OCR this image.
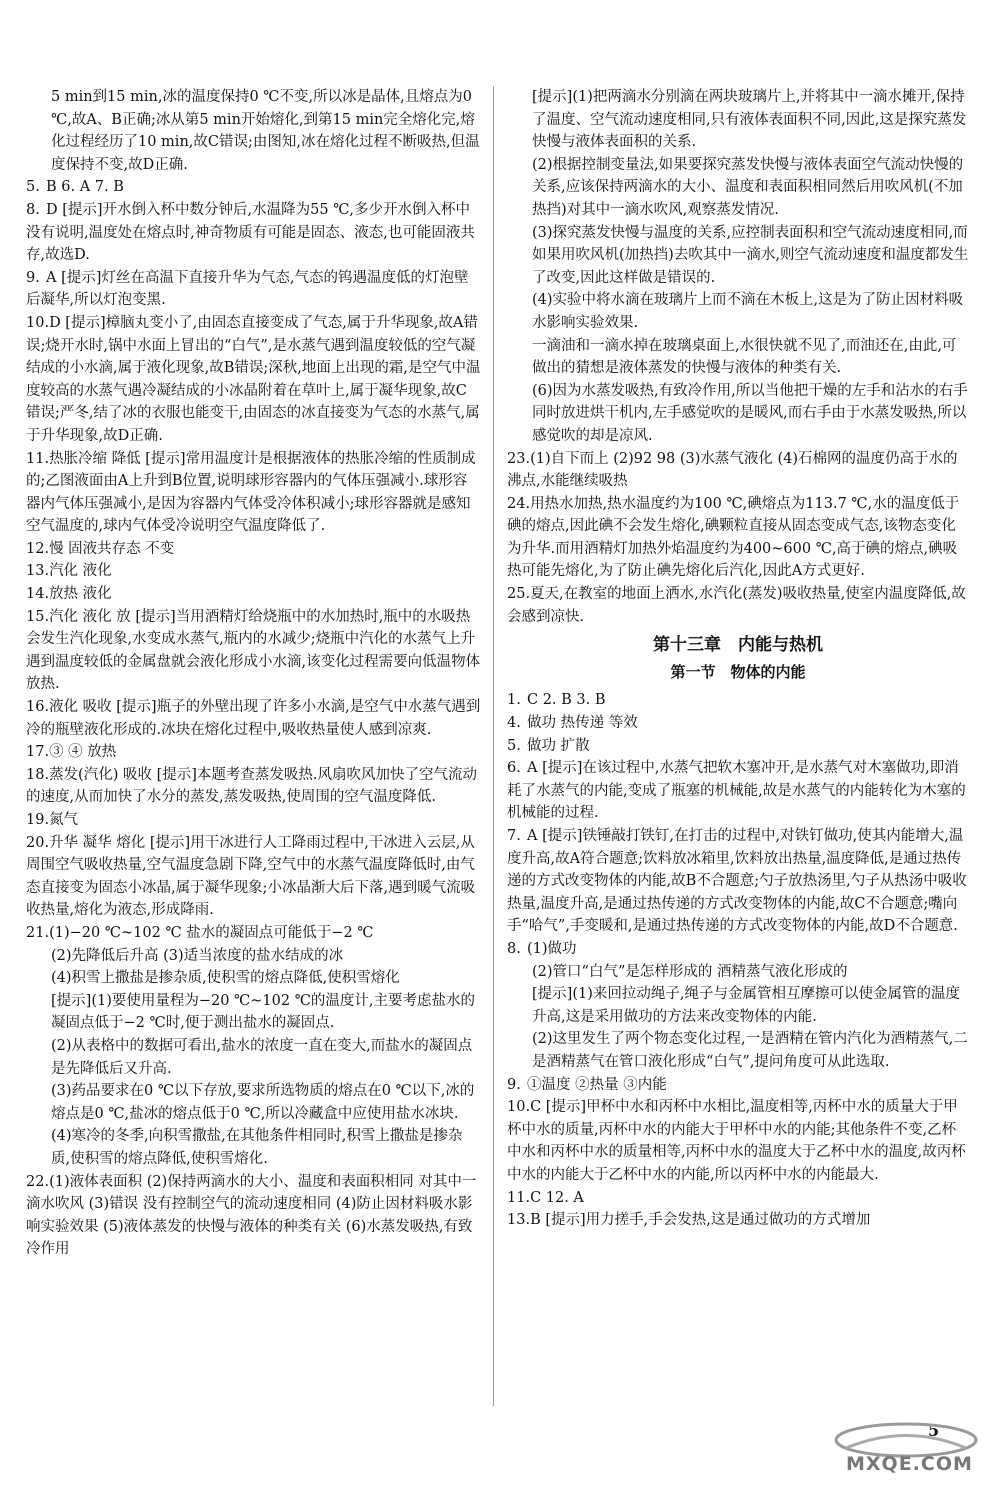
5 min到15 min,冰的温度保持0 ℃不变,所以冰是晶体,且熔点为0 ℃,故A、B正确;冰从第5 min开始熔化,到第15 min完全熔化完,熔化过程经历了10 min,故C错误;由图知,冰在熔化过程不断吸热,但温度保持不变,故D正确.

5. B 6. A 7. B

8. D [提示]开水倒入杯中数分钟后,水温降为55 ℃,多少开水倒入杯中没有说明,温度处在熔点时,神奇物质有可能是固态、液态,也可能固液共存,故选D.

9. A [提示]灯丝在高温下直接升华为气态,气态的钨遇温度低的灯泡壁后凝华,所以灯泡变黑.

10.D [提示]樟脑丸变小了,由固态直接变成了气态,属于升华现象,故A错误;烧开水时,锅中水面上冒出的“白气”,是水蒸气遇到温度较低的空气凝结成的小水滴,属于液化现象,故B错误;深秋,地面上出现的霜,是空气中温度较高的水蒸气遇冷凝结成的小冰晶附着在草叶上,属于凝华现象,故C错误;严冬,结了冰的衣服也能变干,由固态的冰直接变为气态的水蒸气,属于升华现象,故D正确.

11.热胀冷缩 降低 [提示]常用温度计是根据液体的热胀冷缩的性质制成的;乙图液面由A上升到B位置,说明球形容器内的气体压强减小.球形容器内气体压强减小,是因为容器内气体受冷体积减小;球形容器就是感知空气温度的,球内气体受冷说明空气温度降低了.

12.慢 固液共存态 不变

13.汽化 液化

14.放热 液化

15.汽化 液化 放 [提示]当用酒精灯给烧瓶中的水加热时,瓶中的水吸热会发生汽化现象,水变成水蒸气,瓶内的水减少;烧瓶中汽化的水蒸气上升遇到温度较低的金属盘就会液化形成小水滴,该变化过程需要向低温物体放热.

16.液化 吸收 [提示]瓶子的外壁出现了许多小水滴,是空气中水蒸气遇到冷的瓶壁液化形成的.冰块在熔化过程中,吸收热量使人感到凉爽.

17.③ ④ 放热

18.蒸发(汽化) 吸收 [提示]本题考查蒸发吸热.风扇吹风加快了空气流动的速度,从而加快了水分的蒸发,蒸发吸热,使周围的空气温度降低.

19.氮气

20.升华 凝华 熔化 [提示]用干冰进行人工降雨过程中,干冰进入云层,从周围空气吸收热量,空气温度急剧下降,空气中的水蒸气温度降低时,由气态直接变为固态小冰晶,属于凝华现象;小冰晶渐大后下落,遇到暖气流吸收热量,熔化为液态,形成降雨.

21.(1)−20 ℃~102 ℃ 盐水的凝固点可能低于−2 ℃

(2)先降低后升高 (3)适当浓度的盐水结成的冰

(4)积雪上撒盐是掺杂质,使积雪的熔点降低,使积雪熔化

[提示](1)要使用量程为−20 ℃~102 ℃的温度计,主要考虑盐水的凝固点低于−2 ℃时,便于测出盐水的凝固点.

(2)从表格中的数据可看出,盐水的浓度一直在变大,而盐水的凝固点是先降低后又升高.

(3)药品要求在0 ℃以下存放,要求所选物质的熔点在0 ℃以下,冰的熔点是0 ℃,盐冰的熔点低于0 ℃,所以冷藏盒中应使用盐水冰块.

(4)寒冷的冬季,向积雪撒盐,在其他条件相同时,积雪上撒盐是掺杂质,使积雪的熔点降低,使积雪熔化.

22.(1)液体表面积 (2)保持两滴水的大小、温度和表面积相同 对其中一滴水吹风 (3)错误 没有控制空气的流动速度相同 (4)防止因材料吸水影响实验效果 (5)液体蒸发的快慢与液体的种类有关 (6)水蒸发吸热,有致冷作用

[提示](1)把两滴水分别滴在两块玻璃片上,并将其中一滴水摊开,保持了温度、空气流动速度相同,只有液体表面积不同,因此,这是探究蒸发快慢与液体表面积的关系.

(2)根据控制变量法,如果要探究蒸发快慢与液体表面空气流动快慢的关系,应该保持两滴水的大小、温度和表面积相同然后用吹风机(不加热挡)对其中一滴水吹风,观察蒸发情况.

(3)探究蒸发快慢与温度的关系,应控制表面积和空气流动速度相同,而如果用吹风机(加热挡)去吹其中一滴水,则空气流动速度和温度都发生了改变,因此这样做是错误的.

(4)实验中将水滴在玻璃片上而不滴在木板上,这是为了防止因材料吸水影响实验效果.

一滴油和一滴水掉在玻璃桌面上,水很快就不见了,而油还在,由此,可做出的猜想是液体蒸发的快慢与液体的种类有关.

(6)因为水蒸发吸热,有致冷作用,所以当他把干燥的左手和沾水的右手同时放进烘干机内,左手感觉吹的是暖风,而右手由于水蒸发吸热,所以感觉吹的却是凉风.

23.(1)自下而上 (2)92 98 (3)水蒸气液化 (4)石棉网的温度仍高于水的沸点,水能继续吸热

24.用热水加热,热水温度约为100 ℃,碘熔点为113.7 ℃,水的温度低于碘的熔点,因此碘不会发生熔化,碘颗粒直接从固态变成气态,该物态变化为升华.而用酒精灯加热外焰温度约为400~600 ℃,高于碘的熔点,碘吸热可能先熔化,为了防止碘先熔化后汽化,因此A方式更好.

25.夏天,在教室的地面上洒水,水汽化(蒸发)吸收热量,使室内温度降低,故会感到凉快.

第十三章　内能与热机
第一节　物体的内能

1. C 2. B 3. B

4. 做功 热传递 等效

5. 做功 扩散

6. A [提示]在该过程中,水蒸气把软木塞冲开,是水蒸气对木塞做功,即消耗了水蒸气的内能,变成了瓶塞的机械能,故是水蒸气的内能转化为木塞的机械能的过程.

7. A [提示]铁锤敲打铁钉,在打击的过程中,对铁钉做功,使其内能增大,温度升高,故A符合题意;饮料放冰箱里,饮料放出热量,温度降低,是通过热传递的方式改变物体的内能,故B不合题意;勺子放热汤里,勺子从热汤中吸收热量,温度升高,是通过热传递的方式改变物体的内能,故C不合题意;嘴向手“哈气”,手变暖和,是通过热传递的方式改变物体的内能,故D不合题意.

8. (1)做功

(2)管口“白气”是怎样形成的 酒精蒸气液化形成的

[提示](1)来回拉动绳子,绳子与金属管相互摩擦可以使金属管的温度升高,这是采用做功的方法来改变物体的内能.

(2)这里发生了两个物态变化过程,一是酒精在管内汽化为酒精蒸气,二是酒精蒸气在管口液化形成“白气”,提问角度可从此选取.

9. ①温度 ②热量 ③内能

10.C [提示]甲杯中水和丙杯中水相比,温度相等,丙杯中水的质量大于甲杯中水的质量,丙杯中水的内能大于甲杯中水的内能;其他条件不变,乙杯中水和丙杯中水的质量相等,丙杯中水的温度大于乙杯中水的温度,故丙杯中水的内能大于乙杯中水的内能,所以丙杯中水的内能最大.

11.C 12. A

13.B [提示]用力搓手,手会发热,这是通过做功的方式增加

5
MXQE.COM
